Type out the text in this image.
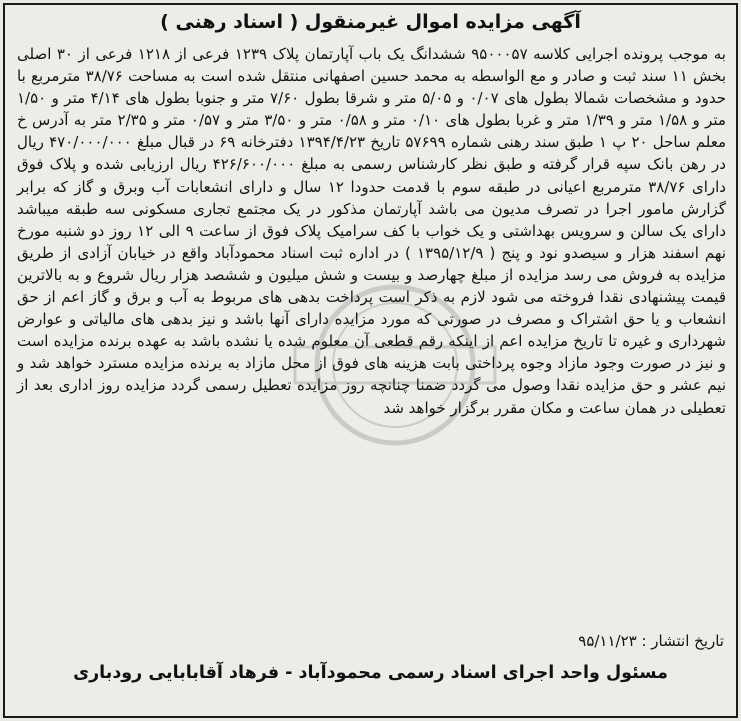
آگهی مزایده اموال غیرمنقول ( اسناد رهنی )
به موجب پرونده اجرایی کلاسه ۹۵۰۰۰۵۷ ششدانگ یک باب آپارتمان پلاک ۱۲۳۹ فرعی از ۱۲۱۸ فرعی از ۳۰ اصلی بخش ۱۱ سند ثبت و صادر و مع الواسطه به محمد حسین اصفهانی منتقل شده است به مساحت ۳۸/۷۶ مترمربع با حدود و مشخصات شمالا بطول های ۰/۰۷ و ۵/۰۵ متر و شرقا بطول ۷/۶۰ متر و جنوبا بطول های ۴/۱۴ متر و ۱/۵۰ متر و ۱/۵۸ متر و ۱/۳۹ متر و غربا بطول های ۰/۱۰ متر و ۰/۵۸ متر و ۳/۵۰ متر و ۰/۵۷ متر و ۲/۳۵ متر به آدرس خ معلم ساحل ۲۰ پ ۱ طبق سند رهنی شماره ۵۷۶۹۹ تاریخ ۱۳۹۴/۴/۲۳ دفترخانه ۶۹ در قبال مبلغ ۴۷۰/۰۰۰/۰۰۰ ریال در رهن بانک سپه قرار گرفته و طبق نظر کارشناس رسمی به مبلغ ۴۲۶/۶۰۰/۰۰۰ ریال ارزیابی شده و پلاک فوق دارای ۳۸/۷۶ مترمربع اعیانی در طبقه سوم با قدمت حدودا ۱۲ سال و دارای انشعابات آب وبرق و گاز که برابر گزارش مامور اجرا در تصرف مدیون می باشد آپارتمان مذکور در یک مجتمع تجاری مسکونی سه طبقه میباشد دارای یک سالن و سرویس بهداشتی و یک خواب با کف سرامیک پلاک فوق از ساعت ۹ الی ۱۲ روز دو شنبه مورخ نهم اسفند هزار و سیصدو نود و پنج ( ۱۳۹۵/۱۲/۹ ) در اداره ثبت اسناد محمودآباد واقع در خیابان آزادی از طریق مزایده به فروش می رسد مزایده از مبلغ چهارصد و بیست و شش میلیون و ششصد هزار ریال شروع و به بالاترین قیمت پیشنهادی نقدا فروخته می شود لازم به ذکر است پرداخت بدهی های مربوط به آب و برق و گاز اعم از حق انشعاب و یا حق اشتراک و مصرف در صورتی که مورد مزایده دارای آنها باشد و نیز بدهی های مالیاتی و عوارض شهرداری و غیره تا تاریخ مزایده اعم از اینکه رقم قطعی آن معلوم شده یا نشده باشد به عهده برنده مزایده است و نیز در صورت وجود مازاد وجوه پرداختی بابت هزینه های فوق از محل مازاد به برنده مزایده مسترد خواهد شد و نیم عشر و حق مزایده نقدا وصول می گردد ضمنا چنانچه روز مزایده تعطیل رسمی گردد مزایده روز اداری بعد از تعطیلی در همان ساعت و مکان مقرر برگزار خواهد شد
تاریخ انتشار : ۹۵/۱۱/۲۳
مسئول واحد اجرای اسناد رسمی محمودآباد - فرهاد آقابابایی رودباری
